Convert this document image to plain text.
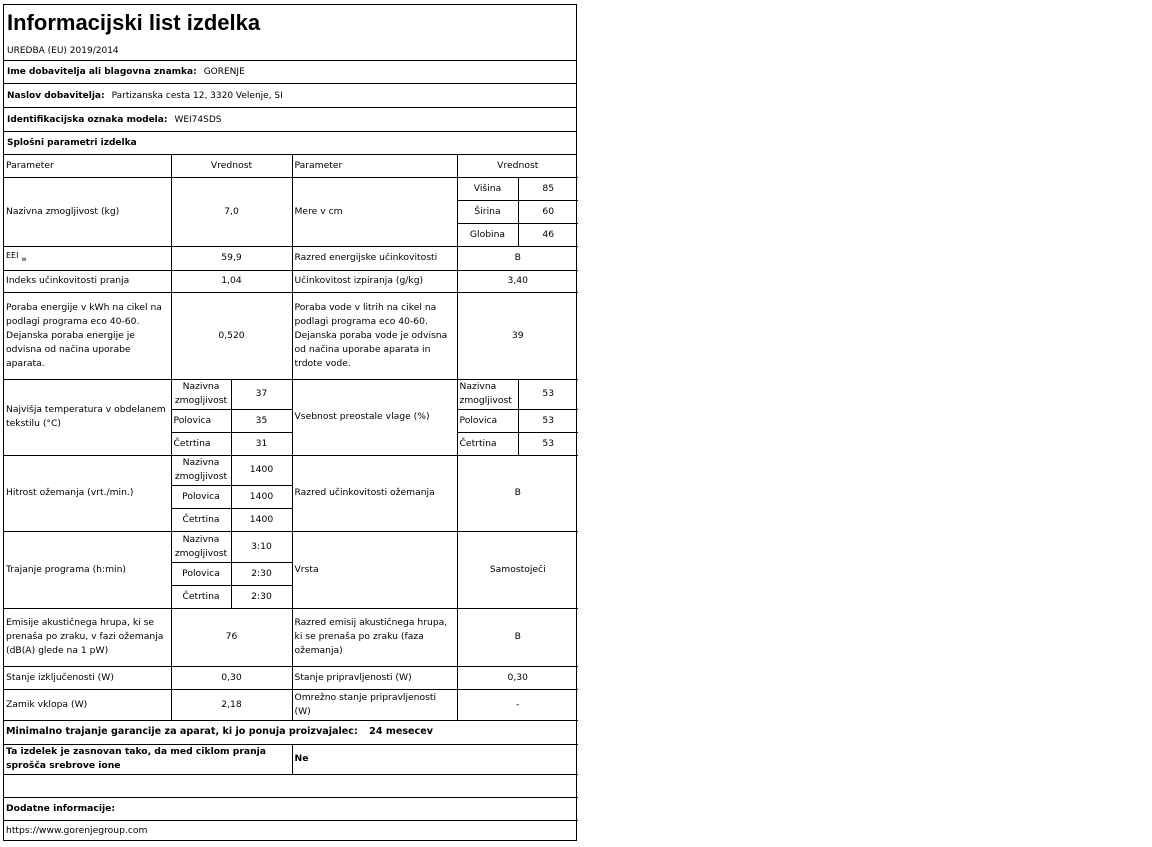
Informacijski list izdelka
UREDBA (EU) 2019/2014
Ime dobavitelja ali blagovna znamka: GORENJE
Naslov dobavitelja: Partizanska cesta 12, 3320 Velenje, SI
Identifikacijska oznaka modela: WEI74SDS
Splošni parametri izdelka
Parameter	Vrednost		Parameter	Vrednost	
Nazivna zmogljivost (kg)	7,0		Mere v cm	Višina	85
				Širina	60
				Globina	46
EEI $_w$	59,9		Razred energijske učinkovitosti	B	
Indeks učinkovitosti pranja	1,04		Učinkovitost izpiranja (g/kg)	3,40	
Poraba energije v kWh na cikel na podlagi programa eco 40-60. Dejanska poraba energije je odvisna od načina uporabe aparata.	0,520		Poraba vode v litrih na cikel na podlagi programa eco 40-60. Dejanska poraba vode je odvisna od načina uporabe aparata in trdote vode.	39	
Najvišja temperatura v obdelanem tekstilu (°C)	Nazivna zmogljivost	37	Vsebnost preostale vlage (%)	Nazivna zmogljivost	53
	Polovica	35		Polovica	53
	Četrtina	31		Četrtina	53
Hitrost ožemanja (vrt./min.)	Nazivna zmogljivost	1400	Razred učinkovitosti ožemanja	B	
	Polovica	1400			
	Četrtina	1400			
Trajanje programa (h:min)	Nazivna zmogljivost	3:10	Vrsta	Samostoječi	
	Polovica	2:30			
	Četrtina	2:30			
Emisije akustičnega hrupa, ki se prenaša po zraku, v fazi ožemanja (dB(A) glede na 1 pW)	76		Razred emisij akustičnega hrupa, ki se prenaša po zraku (faza ožemanja)	B	
Stanje izključenosti (W)	0,30		Stanje pripravljenosti (W)	0,30	
Zamik vklopa (W)	2,18		Omrežno stanje pripravljenosti (W)	-	
Minimalno trajanje garancije za aparat, ki jo ponuja proizvajalec: 24 mesecev					
Ta izdelek je zasnovan tako, da med ciklom pranja sprošča srebrove ione			Ne		

Dodatne informacije:					
https://www.gorenjegroup.com					
